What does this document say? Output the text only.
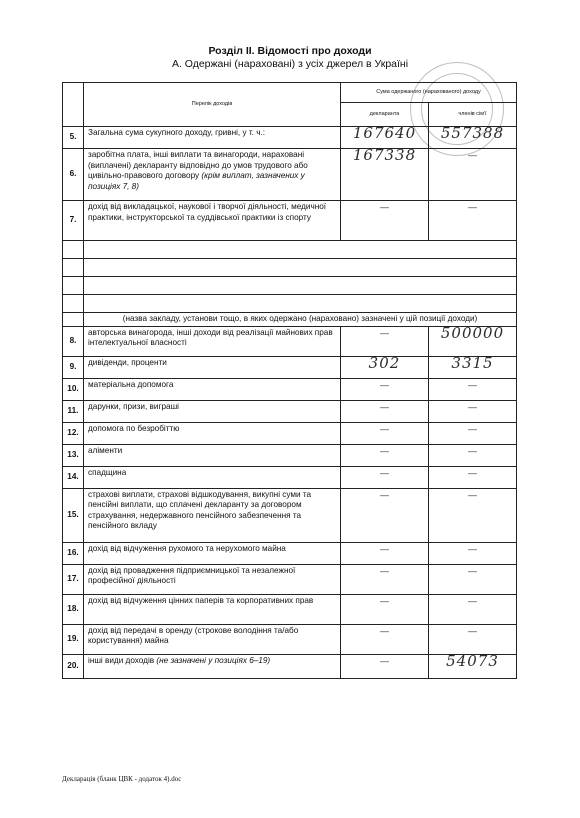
Розділ ІІ. Відомості про доходи
А. Одержані (нараховані) з усіх джерел в Україні
	Перелік доходів	Сума одержаного (нарахованого) доходу	
		декларанта	членів сім'ї
5.	Загальна сума сукупного доходу, гривні, у т. ч.:	167640	557388

6.	заробітна плата, інші виплати та винагороди, нараховані (виплачені) декларанту відповідно до умов трудового або цивільно-правового договору (крім виплат, зазначених у позиціях 7, 8)	167338	—

7.	дохід від викладацької, наукової і творчої діяльності, медичної практики, інструкторської та суддівської практики із спорту	—	—

	(назва закладу, установи тощо, в яких одержано (нараховано) зазначені у цій позиції доходи)		
8.	авторська винагорода, інші доходи від реалізації майнових прав інтелектуальної власності	—	500000

9.	дивіденди, проценти	302	3315

10.	матеріальна допомога	—	—

11.	дарунки, призи, виграші	—	—

12.	допомога по безробіттю	—	—

13.	аліменти	—	—

14.	спадщина	—	—

15.	страхові виплати, страхові відшкодування, викупні суми та пенсійні виплати, що сплачені декларанту за договором страхування, недержавного пенсійного забезпечення та пенсійного вкладу	—	—

16.	дохід від відчуження рухомого та нерухомого майна	—	—

17.	дохід від провадження підприємницької та незалежної професійної діяльності	—	—

18.	дохід від відчуження цінних паперів та корпоративних прав	—	—

19.	дохід від передачі в оренду (строкове володіння та/або користування) майна	—	—

20.	інші види доходів (не зазначені у позиціях 6–19)	—	54073
Декларація (бланк ЦВК - додаток 4).doc
